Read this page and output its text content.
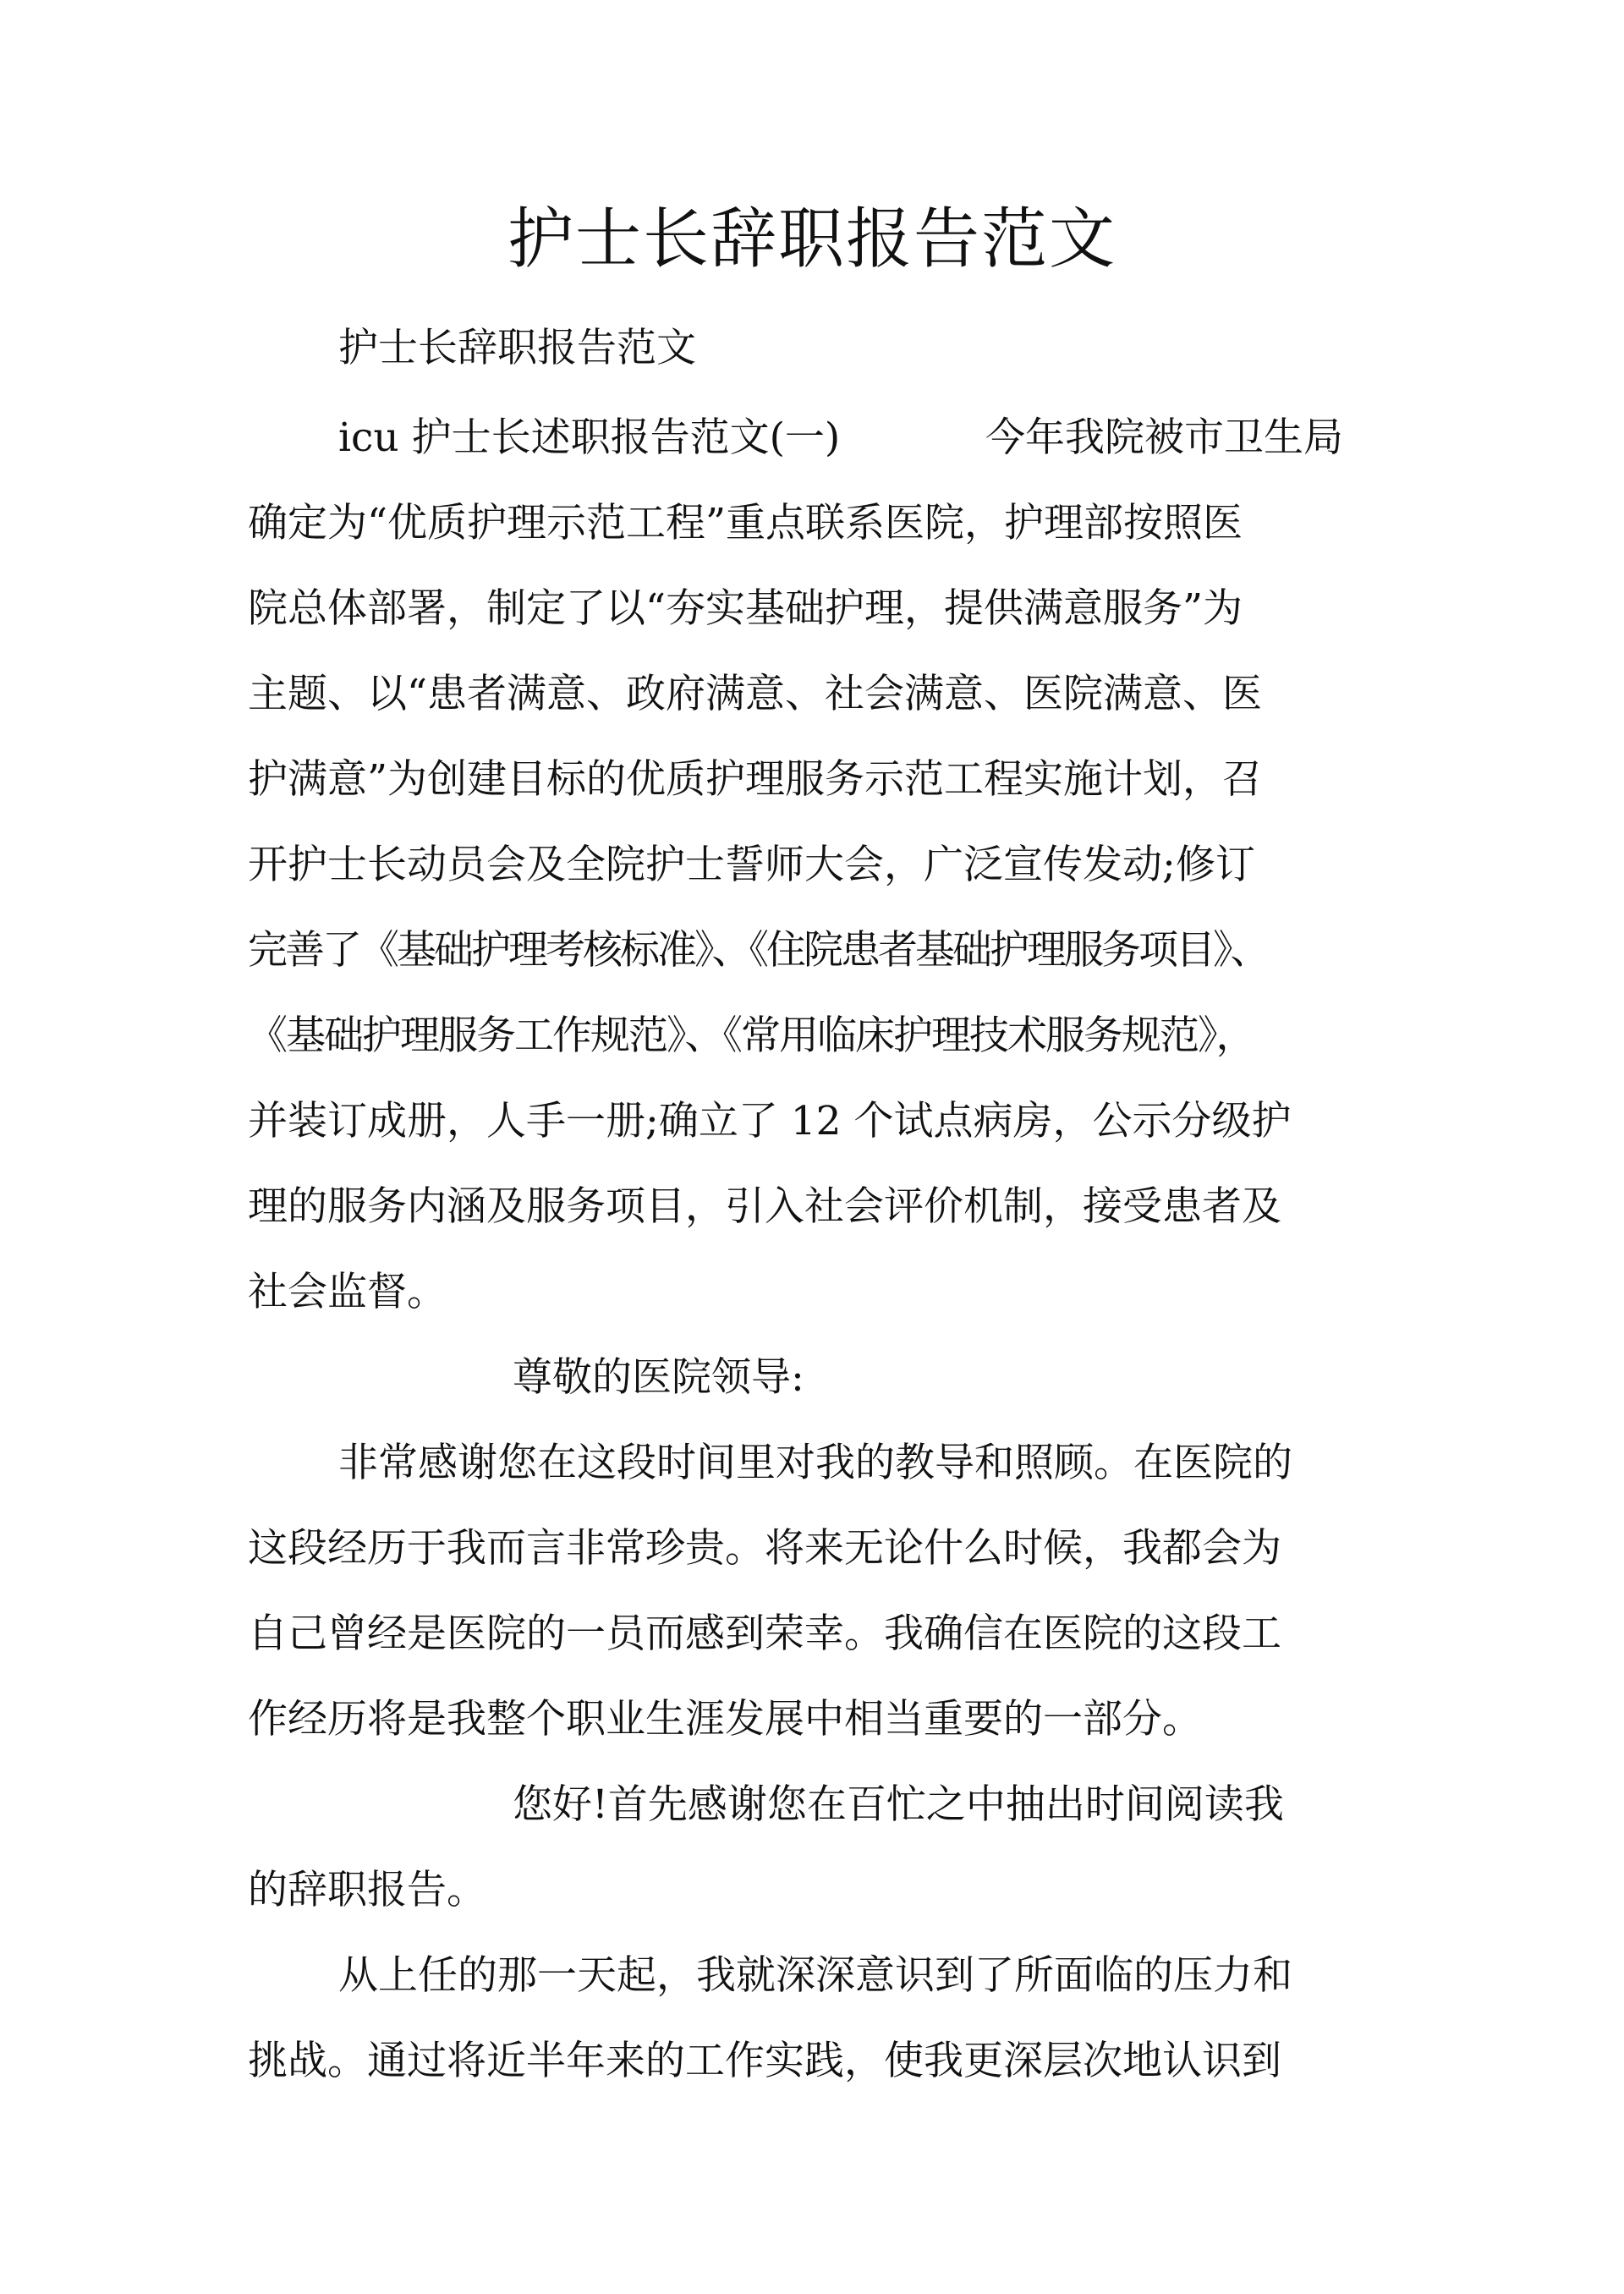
护士长辞职报告范文

护士长辞职报告范文

icu 护士长述职报告范文(一)	今年我院被市卫生局

确定为“优质护理示范工程”重点联系医院，护理部按照医

院总体部署，制定了以“夯实基础护理，提供满意服务”为

主题、以“患者满意、政府满意、社会满意、医院满意、医

护满意”为创建目标的优质护理服务示范工程实施计划，召

开护士长动员会及全院护士誓师大会，广泛宣传发动;修订

完善了《基础护理考核标准》、《住院患者基础护理服务项目》、

《基础护理服务工作规范》、《常用临床护理技术服务规范》，

并装订成册，人手一册;确立了 12 个试点病房，公示分级护

理的服务内涵及服务项目，引入社会评价机制，接受患者及

社会监督。

尊敬的医院领导:

非常感谢您在这段时间里对我的教导和照顾。在医院的

这段经历于我而言非常珍贵。将来无论什么时候，我都会为

自己曾经是医院的一员而感到荣幸。我确信在医院的这段工

作经历将是我整个职业生涯发展中相当重要的一部分。

您好!首先感谢您在百忙之中抽出时间阅读我

的辞职报告。

从上任的那一天起，我就深深意识到了所面临的压力和

挑战。通过将近半年来的工作实践，使我更深层次地认识到
